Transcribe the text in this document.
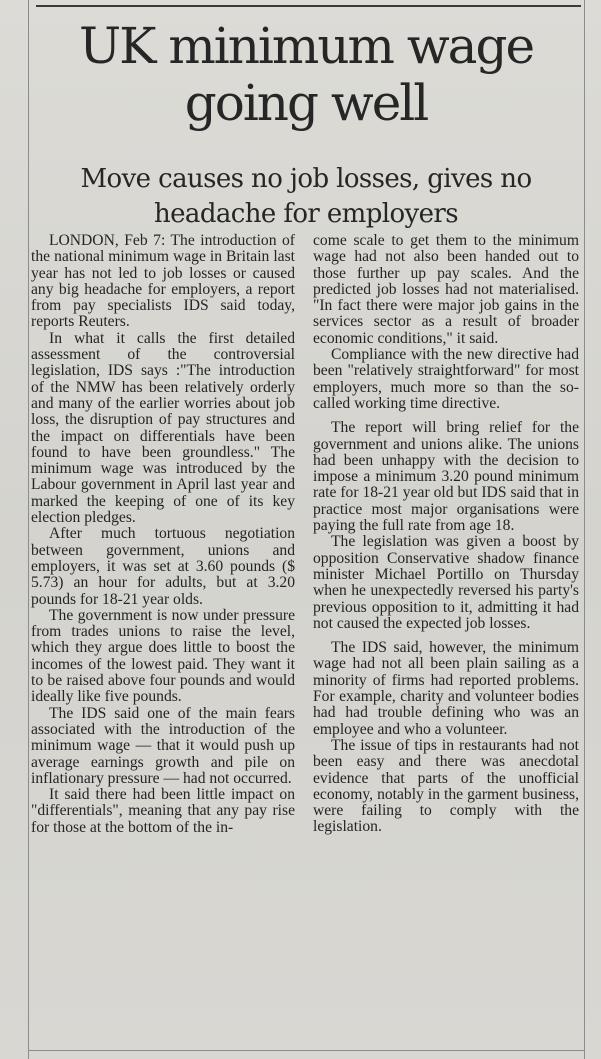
UK minimum wage going well
Move causes no job losses, gives no headache for employers

LONDON, Feb 7: The introduction of the national minimum wage in Britain last year has not led to job losses or caused any big headache for employers, a report from pay specialists IDS said today, reports Reuters.

In what it calls the first detailed assessment of the controversial legislation, IDS says :"The introduction of the NMW has been relatively orderly and many of the earlier worries about job loss, the disruption of pay structures and the impact on differentials have been found to have been groundless." The minimum wage was introduced by the Labour government in April last year and marked the keeping of one of its key election pledges.

After much tortuous negotiation between government, unions and employers, it was set at 3.60 pounds ($ 5.73) an hour for adults, but at 3.20 pounds for 18-21 year olds.

The government is now under pressure from trades unions to raise the level, which they argue does little to boost the incomes of the lowest paid. They want it to be raised above four pounds and would ideally like five pounds.

The IDS said one of the main fears associated with the introduction of the minimum wage — that it would push up average earnings growth and pile on inflationary pressure — had not occurred.

It said there had been little impact on "differentials", meaning that any pay rise for those at the bottom of the in-

come scale to get them to the minimum wage had not also been handed out to those further up pay scales. And the predicted job losses had not materialised. "In fact there were major job gains in the services sector as a result of broader economic conditions," it said.

Compliance with the new directive had been "relatively straightforward" for most employers, much more so than the so-called working time directive.

The report will bring relief for the government and unions alike. The unions had been unhappy with the decision to impose a minimum 3.20 pound minimum rate for 18-21 year old but IDS said that in practice most major organisations were paying the full rate from age 18.

The legislation was given a boost by opposition Conservative shadow finance minister Michael Portillo on Thursday when he unexpectedly reversed his party's previous opposition to it, admitting it had not caused the expected job losses.

The IDS said, however, the minimum wage had not all been plain sailing as a minority of firms had reported problems. For example, charity and volunteer bodies had had trouble defining who was an employee and who a volunteer.

The issue of tips in restaurants had not been easy and there was anecdotal evidence that parts of the unofficial economy, notably in the garment business, were failing to comply with the legislation.
